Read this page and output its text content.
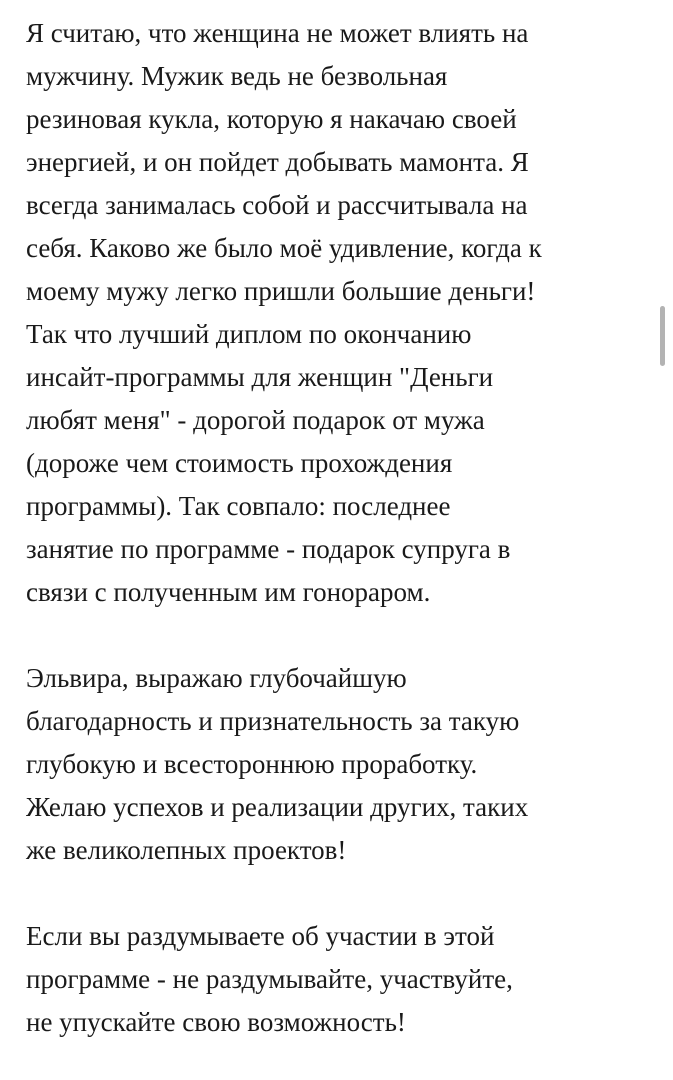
Я считаю, что женщина не может влиять на
мужчину. Мужик ведь не безвольная
резиновая кукла, которую я накачаю своей
энергией, и он пойдет добывать мамонта. Я
всегда занималась собой и рассчитывала на
себя. Каково же было моё удивление, когда к
моему мужу легко пришли большие деньги!
Так что лучший диплом по окончанию
инсайт-программы для женщин "Деньги
любят меня" - дорогой подарок от мужа
(дороже чем стоимость прохождения
программы). Так совпало: последнее
занятие по программе - подарок супруга в
связи с полученным им гонораром.

Эльвира, выражаю глубочайшую
благодарность и признательность за такую
глубокую и всестороннюю проработку.
Желаю успехов и реализации других, таких
же великолепных проектов!

Если вы раздумываете об участии в этой
программе - не раздумывайте, участвуйте,
не упускайте свою возможность!
